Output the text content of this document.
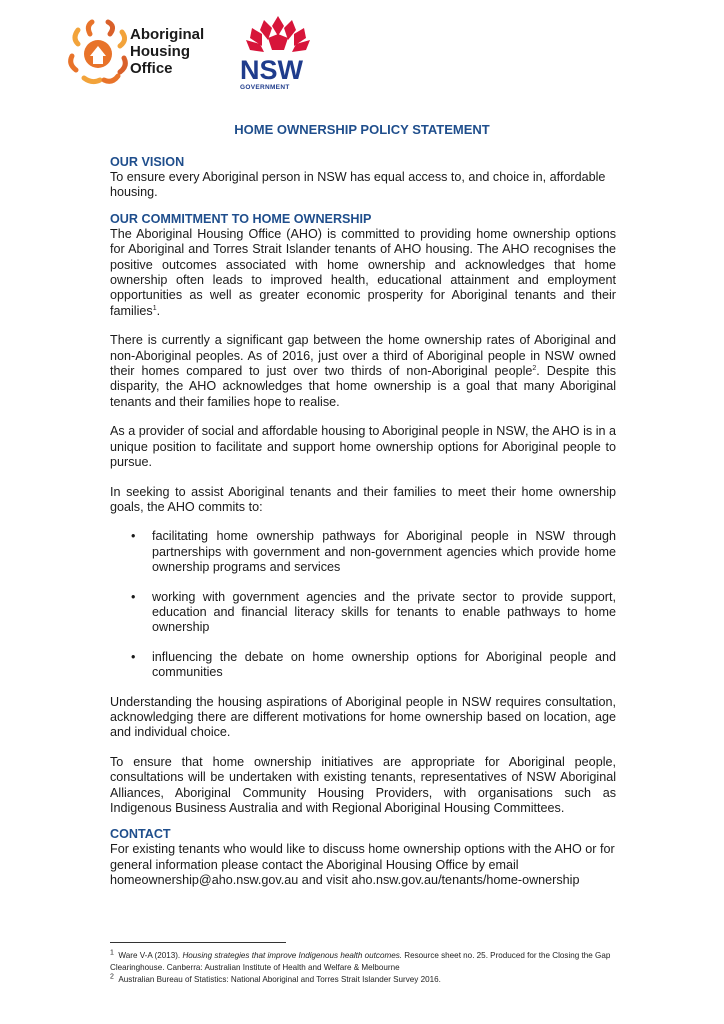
Aboriginal
Housing
Office	NSW
GOVERNMENT
HOME OWNERSHIP POLICY STATEMENT
OUR VISION

To ensure every Aboriginal person in NSW has equal access to, and choice in, affordable housing.

OUR COMMITMENT TO HOME OWNERSHIP

The Aboriginal Housing Office (AHO) is committed to providing home ownership options for Aboriginal and Torres Strait Islander tenants of AHO housing. The AHO recognises the positive outcomes associated with home ownership and acknowledges that home ownership often leads to improved health, educational attainment and employment opportunities as well as greater economic prosperity for Aboriginal tenants and their families$^1$.

There is currently a significant gap between the home ownership rates of Aboriginal and non-Aboriginal peoples. As of 2016, just over a third of Aboriginal people in NSW owned their homes compared to just over two thirds of non-Aboriginal people$^2$. Despite this disparity, the AHO acknowledges that home ownership is a goal that many Aboriginal tenants and their families hope to realise.

As a provider of social and affordable housing to Aboriginal people in NSW, the AHO is in a unique position to facilitate and support home ownership options for Aboriginal people to pursue.

In seeking to assist Aboriginal tenants and their families to meet their home ownership goals, the AHO commits to:

• facilitating home ownership pathways for Aboriginal people in NSW through partnerships with government and non-government agencies which provide home ownership programs and services
• working with government agencies and the private sector to provide support, education and financial literacy skills for tenants to enable pathways to home ownership
• influencing the debate on home ownership options for Aboriginal people and communities

Understanding the housing aspirations of Aboriginal people in NSW requires consultation, acknowledging there are different motivations for home ownership based on location, age and individual choice.

To ensure that home ownership initiatives are appropriate for Aboriginal people, consultations will be undertaken with existing tenants, representatives of NSW Aboriginal Alliances, Aboriginal Community Housing Providers, with organisations such as Indigenous Business Australia and with Regional Aboriginal Housing Committees.

CONTACT

For existing tenants who would like to discuss home ownership options with the AHO or for general information please contact the Aboriginal Housing Office by email homeownership@aho.nsw.gov.au and visit aho.nsw.gov.au/tenants/home-ownership

$^1$ Ware V-A (2013). Housing strategies that improve Indigenous health outcomes. Resource sheet no. 25. Produced for the Closing the Gap Clearinghouse. Canberra: Australian Institute of Health and Welfare & Melbourne
$^2$ Australian Bureau of Statistics: National Aboriginal and Torres Strait Islander Survey 2016.
